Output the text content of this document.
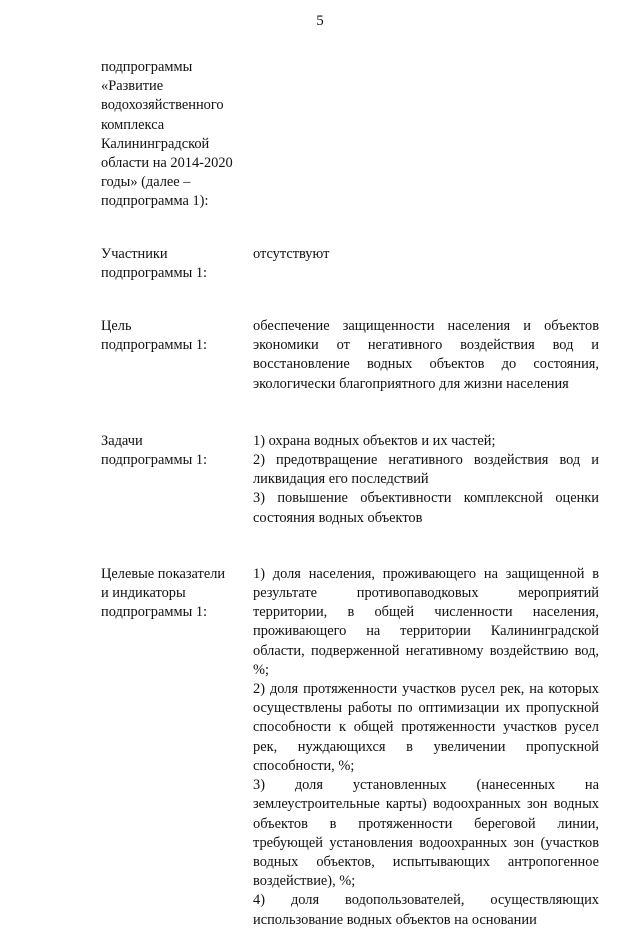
5
подпрограммы
«Развитие
водохозяйственного
комплекса
Калининградской
области на 2014-2020
годы» (далее –
подпрограмма 1):
Участники
подпрограммы 1:
отсутствуют
Цель
подпрограммы 1:
обеспечение защищенности населения и объектов экономики от негативного воздействия вод и восстановление водных объектов до состояния, экологически благоприятного для жизни населения
Задачи
подпрограммы 1:
1) охрана водных объектов и их частей;
2) предотвращение негативного воздействия вод и ликвидация его последствий
3) повышение объективности комплексной оценки состояния водных объектов
Целевые показатели
и индикаторы
подпрограммы 1:
1) доля населения, проживающего на защищенной в результате противопаводковых мероприятий территории, в общей численности населения, проживающего на территории Калининградской области, подверженной негативному воздействию вод, %;
2) доля протяженности участков русел рек, на которых осуществлены работы по оптимизации их пропускной способности к общей протяженности участков русел рек, нуждающихся в увеличении пропускной способности, %;
3) доля установленных (нанесенных на землеустроительные карты) водоохранных зон водных объектов в протяженности береговой линии, требующей установления водоохранных зон (участков водных объектов, испытывающих антропогенное воздействие), %;
4) доля водопользователей, осуществляющих использование водных объектов на основании
